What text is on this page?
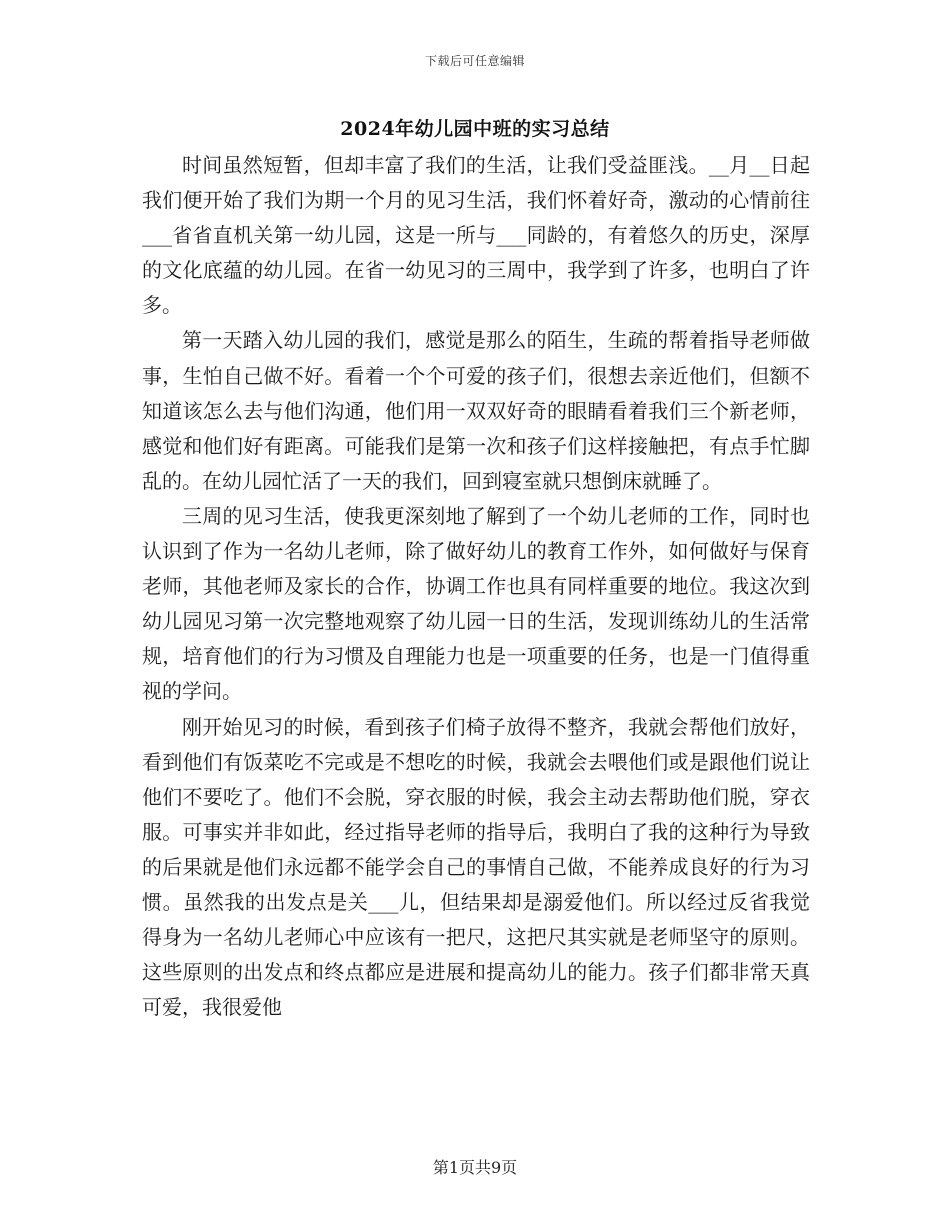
下载后可任意编辑
2024年幼儿园中班的实习总结

时间虽然短暂，但却丰富了我们的生活，让我们受益匪浅。__月__日起我们便开始了我们为期一个月的见习生活，我们怀着好奇，激动的心情前往___省省直机关第一幼儿园，这是一所与___同龄的，有着悠久的历史，深厚的文化底蕴的幼儿园。在省一幼见习的三周中，我学到了许多，也明白了许多。

第一天踏入幼儿园的我们，感觉是那么的陌生，生疏的帮着指导老师做事，生怕自己做不好。看着一个个可爱的孩子们，很想去亲近他们，但额不知道该怎么去与他们沟通，他们用一双双好奇的眼睛看着我们三个新老师，感觉和他们好有距离。可能我们是第一次和孩子们这样接触把，有点手忙脚乱的。在幼儿园忙活了一天的我们，回到寝室就只想倒床就睡了。

三周的见习生活，使我更深刻地了解到了一个幼儿老师的工作，同时也认识到了作为一名幼儿老师，除了做好幼儿的教育工作外，如何做好与保育老师，其他老师及家长的合作，协调工作也具有同样重要的地位。我这次到幼儿园见习第一次完整地观察了幼儿园一日的生活，发现训练幼儿的生活常规，培育他们的行为习惯及自理能力也是一项重要的任务，也是一门值得重视的学问。

刚开始见习的时候，看到孩子们椅子放得不整齐，我就会帮他们放好，看到他们有饭菜吃不完或是不想吃的时候，我就会去喂他们或是跟他们说让他们不要吃了。他们不会脱，穿衣服的时候，我会主动去帮助他们脱，穿衣服。可事实并非如此，经过指导老师的指导后，我明白了我的这种行为导致的后果就是他们永远都不能学会自己的事情自己做，不能养成良好的行为习惯。虽然我的出发点是关___儿，但结果却是溺爱他们。所以经过反省我觉得身为一名幼儿老师心中应该有一把尺，这把尺其实就是老师坚守的原则。这些原则的出发点和终点都应是进展和提高幼儿的能力。孩子们都非常天真可爱，我很爱他

第1页共9页
